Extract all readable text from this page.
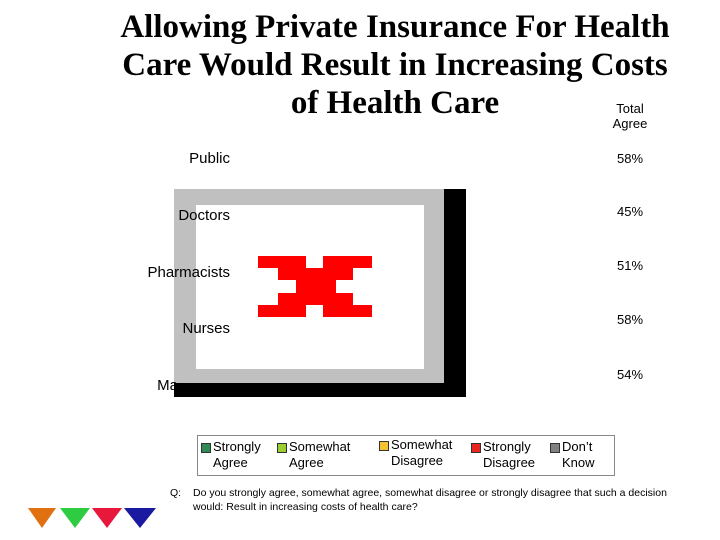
Allowing Private Insurance For Health
Care Would Result in Increasing Costs
of Health Care	Total
Agree
Public
Doctors
Pharmacists
Nurses
Ma
58%
45%
51%
58%
54%
Strongly
Agree
Somewhat
Agree
Somewhat
Disagree
Strongly
Disagree
Don’t
Know
Q: Do you strongly agree, somewhat agree, somewhat disagree or strongly disagree that such a decision would: Result in increasing costs of health care?
